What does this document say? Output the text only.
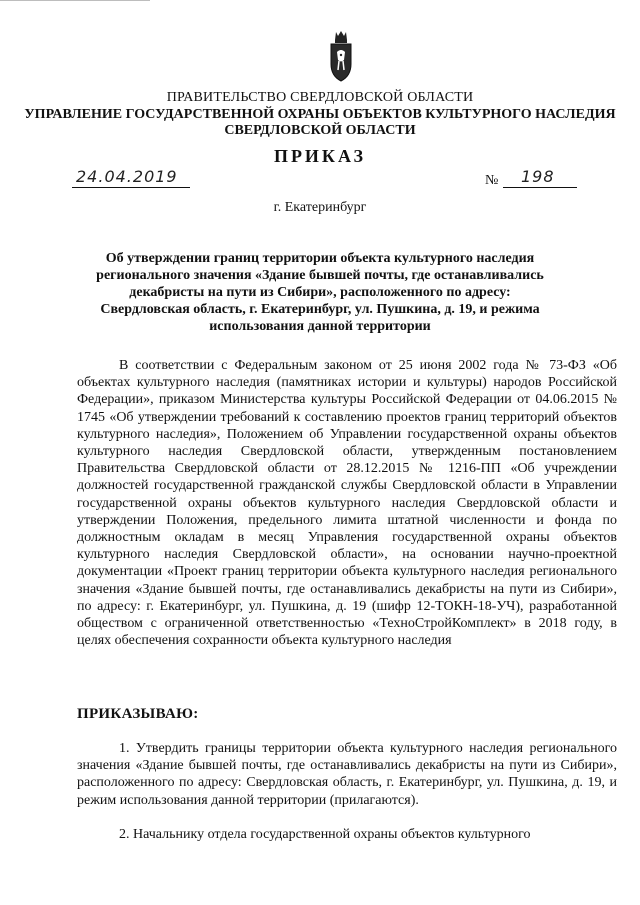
ПРАВИТЕЛЬСТВО СВЕРДЛОВСКОЙ ОБЛАСТИ

УПРАВЛЕНИЕ ГОСУДАРСТВЕННОЙ ОХРАНЫ ОБЪЕКТОВ КУЛЬТУРНОГО НАСЛЕДИЯ СВЕРДЛОВСКОЙ ОБЛАСТИ

ПРИКАЗ

24.04.2019	№ 198

г. Екатеринбург

Об утверждении границ территории объекта культурного наследия регионального значения «Здание бывшей почты, где останавливались декабристы на пути из Сибири», расположенного по адресу: Свердловская область, г. Екатеринбург, ул. Пушкина, д. 19, и режима использования данной территории

В соответствии с Федеральным законом от 25 июня 2002 года № 73-ФЗ «Об объектах культурного наследия (памятниках истории и культуры) народов Российской Федерации», приказом Министерства культуры Российской Федерации от 04.06.2015 № 1745 «Об утверждении требований к составлению проектов границ территорий объектов культурного наследия», Положением об Управлении государственной охраны объектов культурного наследия Свердловской области, утвержденным постановлением Правительства Свердловской области от 28.12.2015 № 1216-ПП «Об учреждении должностей государственной гражданской службы Свердловской области в Управлении государственной охраны объектов культурного наследия Свердловской области и утверждении Положения, предельного лимита штатной численности и фонда по должностным окладам в месяц Управления государственной охраны объектов культурного наследия Свердловской области», на основании научно-проектной документации «Проект границ территории объекта культурного наследия регионального значения «Здание бывшей почты, где останавливались декабристы на пути из Сибири», по адресу: г. Екатеринбург, ул. Пушкина, д. 19 (шифр 12-ТОКН-18-УЧ), разработанной обществом с ограниченной ответственностью «ТехноСтройКомплект» в 2018 году, в целях обеспечения сохранности объекта культурного наследия

ПРИКАЗЫВАЮ:

1. Утвердить границы территории объекта культурного наследия регионального значения «Здание бывшей почты, где останавливались декабристы на пути из Сибири», расположенного по адресу: Свердловская область, г. Екатеринбург, ул. Пушкина, д. 19, и режим использования данной территории (прилагаются).

2. Начальнику отдела государственной охраны объектов культурного
